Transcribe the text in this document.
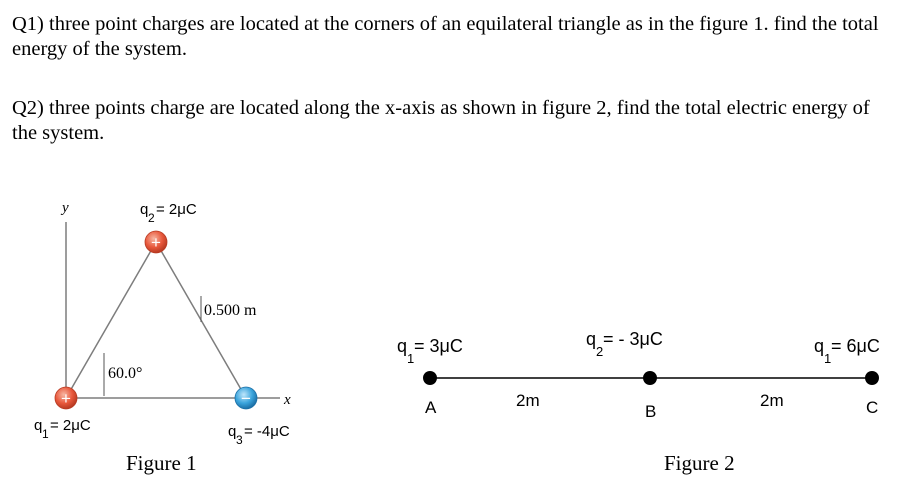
Q1) three point charges are located at the corners of an equilateral triangle as in the figure 1. find the total energy of the system.
Q2) three points charge are located along the x-axis as shown in figure 2, find the total electric energy of the system.
y
x
60.0°
0.500 m
+
q 2 = 2μC
+
q 1 = 2μC
−
q 3 = -4μC
Figure 1
q
1
= 3μC
A
q
2
= - 3μC
B
q
1
= 6μC
C
2m	2m
Figure 2
